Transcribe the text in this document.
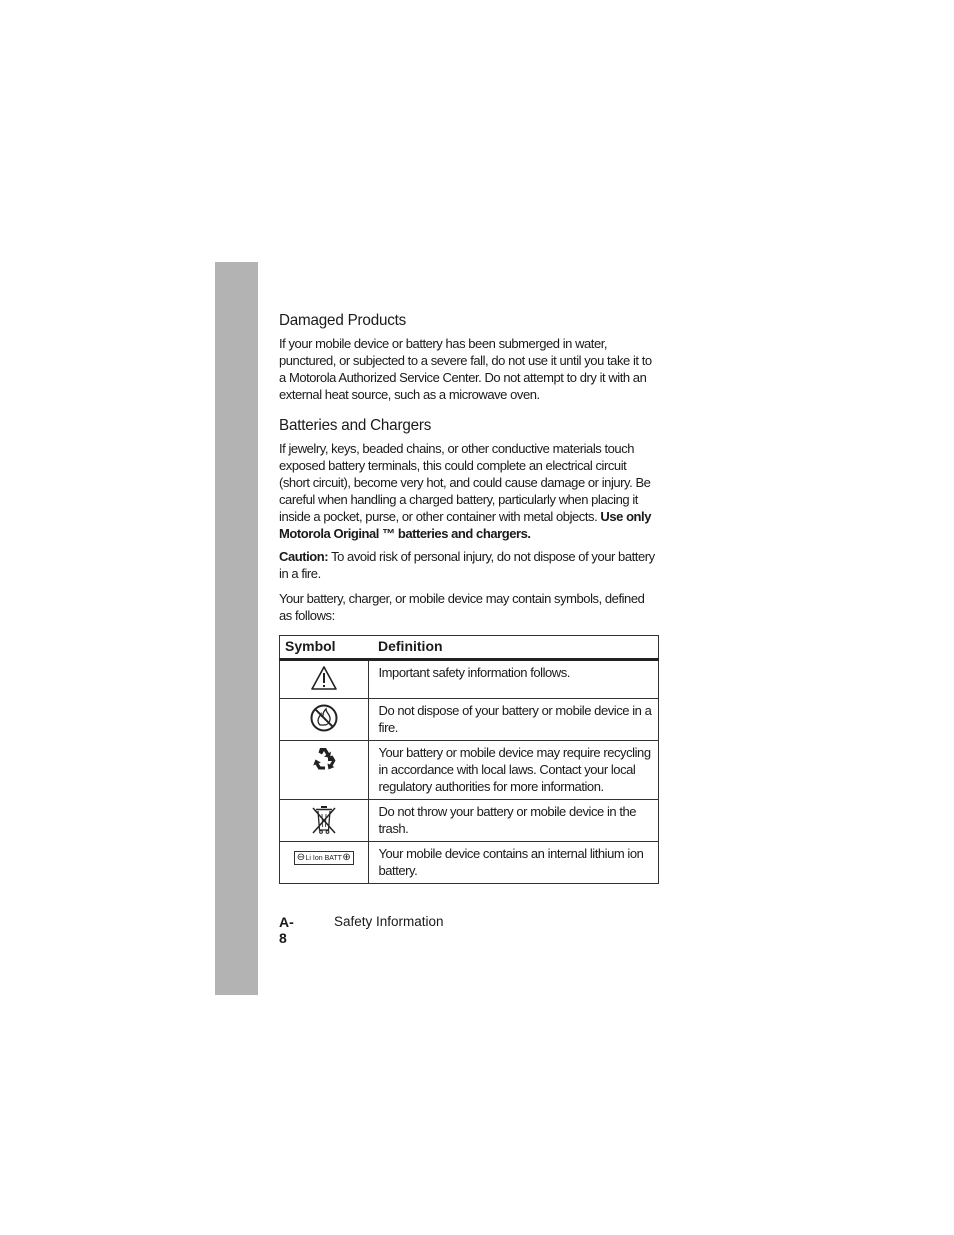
Damaged Products

If your mobile device or battery has been submerged in water, punctured, or subjected to a severe fall, do not use it until you take it to a Motorola Authorized Service Center. Do not attempt to dry it with an external heat source, such as a microwave oven.

Batteries and Chargers

If jewelry, keys, beaded chains, or other conductive materials touch exposed battery terminals, this could complete an electrical circuit (short circuit), become very hot, and could cause damage or injury. Be careful when handling a charged battery, particularly when placing it inside a pocket, purse, or other container with metal objects. Use only Motorola Original ™ batteries and chargers.

Caution: To avoid risk of personal injury, do not dispose of your battery in a fire.

Your battery, charger, or mobile device may contain symbols, defined as follows:

Symbol	Definition
	Important safety information follows.
	Do not dispose of your battery or mobile device in a fire.
	Your battery or mobile device may require recycling in accordance with local laws. Contact your local regulatory authorities for more information.
	Do not throw your battery or mobile device in the trash.

⊖ Li Ion BATT ⊕	Your mobile device contains an internal lithium ion battery.
A-8
Safety Information
